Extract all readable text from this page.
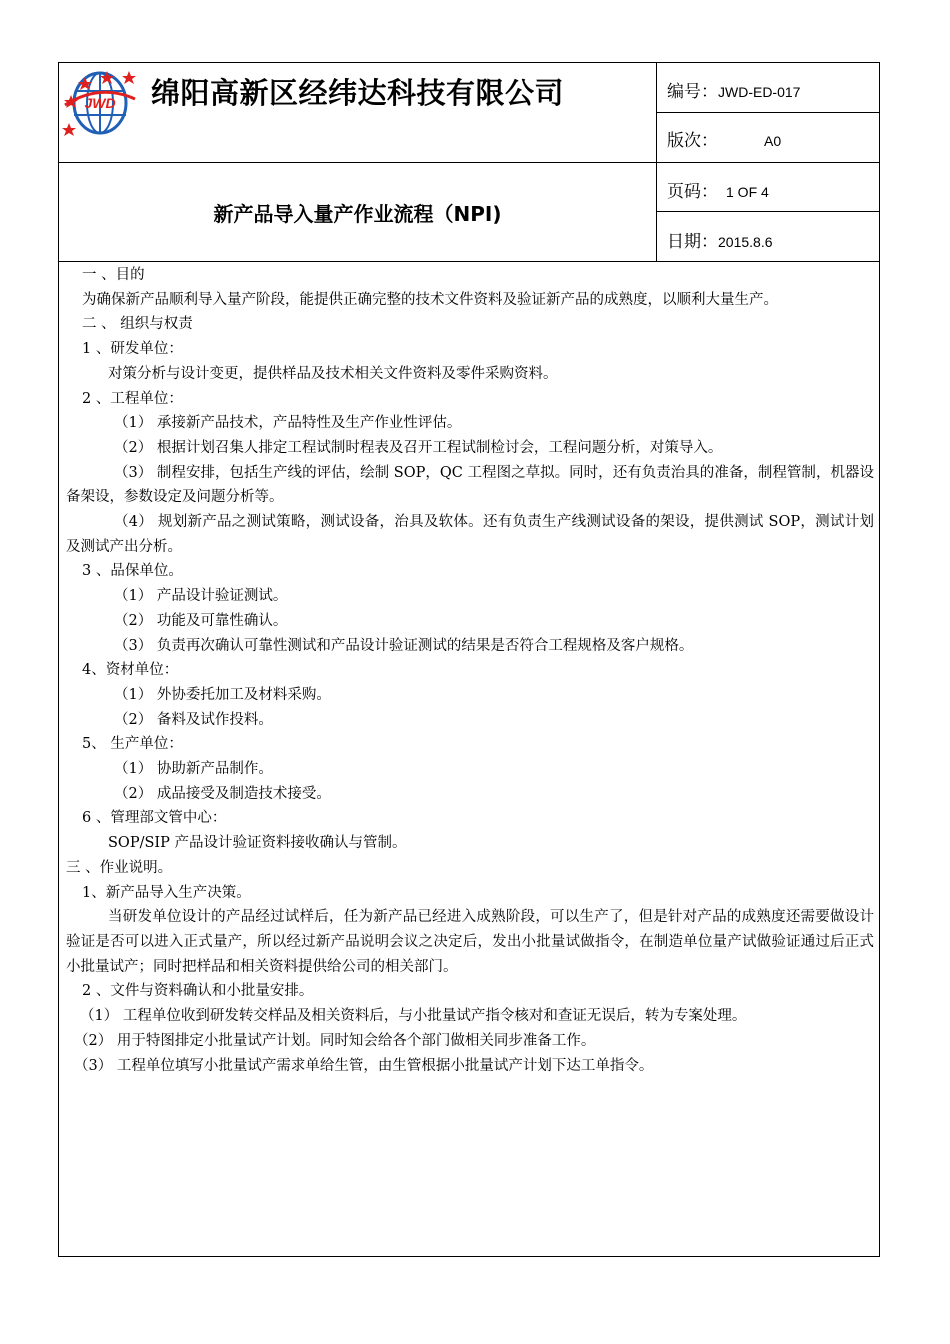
JWD 绵阳高新区经纬达科技有限公司
新产品导入量产作业流程（NPI)
编号：JWD-ED-017
版次：	A0
页码： 1 OF 4
日期：2015.8.6

一 、目的

为确保新产品顺利导入量产阶段，能提供正确完整的技术文件资料及验证新产品的成熟度，以顺利大量生产。

二 、 组织与权责

1 、研发单位：

对策分析与设计变更，提供样品及技术相关文件资料及零件采购资料。

2 、工程单位：

（1） 承接新产品技术，产品特性及生产作业性评估。

（2） 根据计划召集人排定工程试制时程表及召开工程试制检讨会，工程问题分析，对策导入。

（3） 制程安排，包括生产线的评估，绘制 SOP，QC 工程图之草拟。同时，还有负责治具的准备，制程管制，机器设备架设，参数设定及问题分析等。

（4） 规划新产品之测试策略，测试设备，治具及软体。还有负责生产线测试设备的架设，提供测试 SOP，测试计划及测试产出分析。

3 、品保单位。

（1） 产品设计验证测试。

（2） 功能及可靠性确认。

（3） 负责再次确认可靠性测试和产品设计验证测试的结果是否符合工程规格及客户规格。

4、资材单位：

（1） 外协委托加工及材料采购。

（2） 备料及试作投料。

5、 生产单位：

（1） 协助新产品制作。

（2） 成品接受及制造技术接受。

6 、管理部文管中心：

SOP/SIP 产品设计验证资料接收确认与管制。

三 、作业说明。

1、新产品导入生产决策。

当研发单位设计的产品经过试样后，任为新产品已经进入成熟阶段，可以生产了，但是针对产品的成熟度还需要做设计验证是否可以进入正式量产，所以经过新产品说明会议之决定后，发出小批量试做指令，在制造单位量产试做验证通过后正式小批量试产；同时把样品和相关资料提供给公司的相关部门。

2 、文件与资料确认和小批量安排。

（1） 工程单位收到研发转交样品及相关资料后，与小批量试产指令核对和查证无误后，转为专案处理。

（2） 用于特图排定小批量试产计划。同时知会给各个部门做相关同步准备工作。

（3） 工程单位填写小批量试产需求单给生管，由生管根据小批量试产计划下达工单指令。
